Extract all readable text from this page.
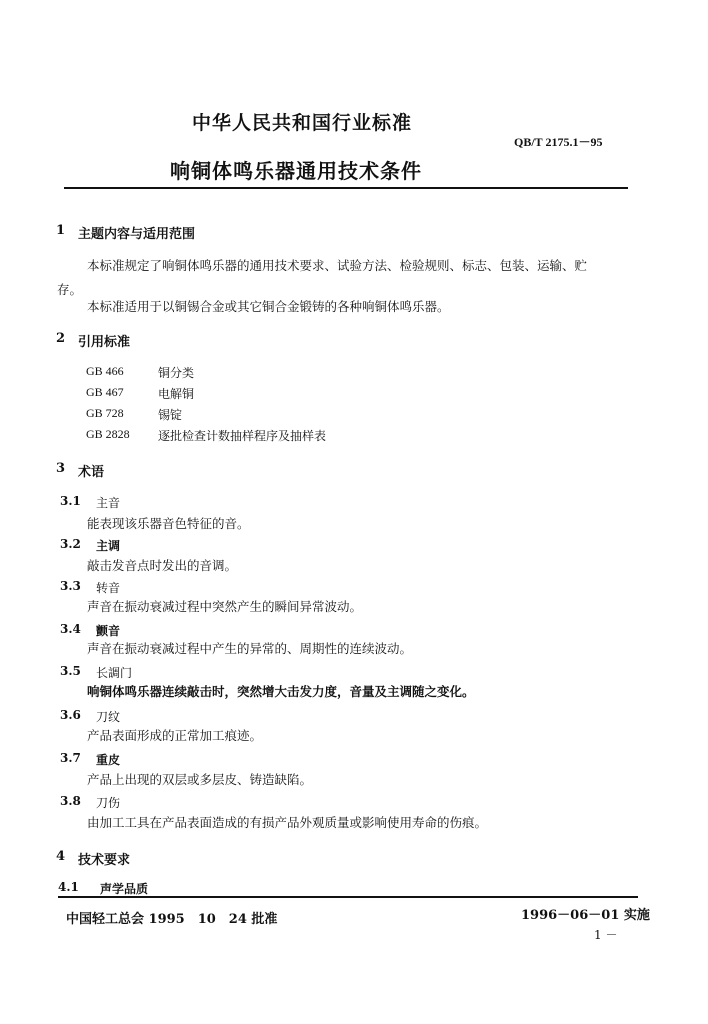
中华人民共和国行业标准
QB/T 2175.1－95
响铜体鸣乐器通用技术条件
1 主题内容与适用范围
本标准规定了响铜体鸣乐器的通用技术要求、试验方法、检验规则、标志、包装、运输、贮
存。
本标准适用于以铜锡合金或其它铜合金锻铸的各种响铜体鸣乐器。
2 引用标准
GB 466	铜分类
GB 467	电解铜
GB 728	锡锭
GB 2828 逐批检查计数抽样程序及抽样表
3 术语
3.1 主音
能表现该乐器音色特征的音。
3.2 主调
敲击发音点时发出的音调。
3.3 转音
声音在振动衰减过程中突然产生的瞬间异常波动。
3.4 颤音
声音在振动衰减过程中产生的异常的、周期性的连续波动。
3.5 长調门
响铜体鸣乐器连续敲击时，突然增大击发力度，音量及主调随之变化。
3.6 刀纹
产品表面形成的正常加工痕迹。
3.7 重皮
产品上出现的双层或多层皮、铸造缺陷。
3.8 刀伤
由加工工具在产品表面造成的有损产品外观质量或影响使用寿命的伤痕。
4 技术要求
4.1 声学品质
中国轻工总会 1995　10　24 批准	1996－06－01 实施
1 －
